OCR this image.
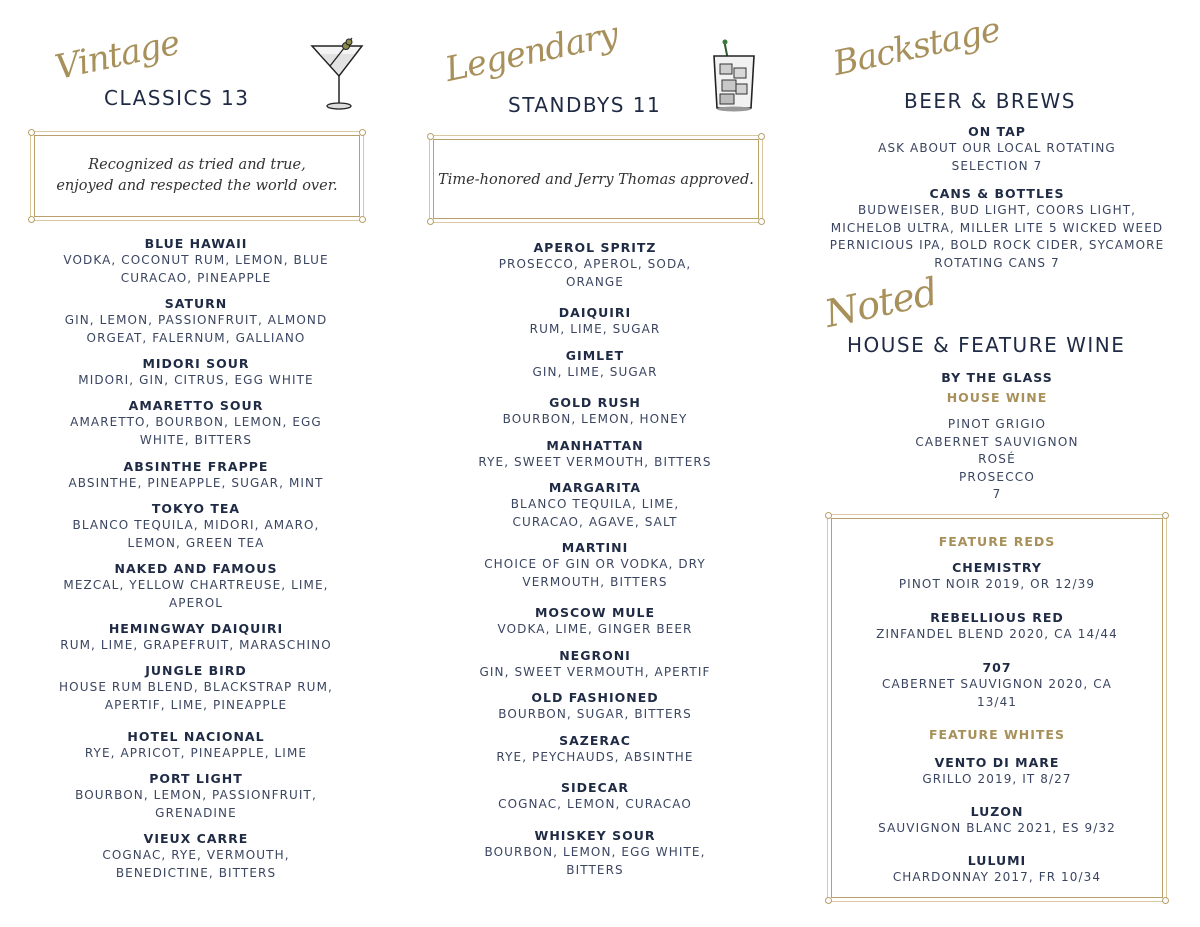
Vintage
CLASSICS 13
Recognized as tried and true,
enjoyed and respected the world over.
BLUE HAWAII
VODKA, COCONUT RUM, LEMON, BLUE CURACAO, PINEAPPLE
SATURN
GIN, LEMON, PASSIONFRUIT, ALMOND ORGEAT, FALERNUM, GALLIANO
MIDORI SOUR
MIDORI, GIN, CITRUS, EGG WHITE
AMARETTO SOUR
AMARETTO, BOURBON, LEMON, EGG WHITE, BITTERS
ABSINTHE FRAPPE
ABSINTHE, PINEAPPLE, SUGAR, MINT
TOKYO TEA
BLANCO TEQUILA, MIDORI, AMARO, LEMON, GREEN TEA
NAKED AND FAMOUS
MEZCAL, YELLOW CHARTREUSE, LIME, APEROL
HEMINGWAY DAIQUIRI
RUM, LIME, GRAPEFRUIT, MARASCHINO
JUNGLE BIRD
HOUSE RUM BLEND, BLACKSTRAP RUM, APERTIF, LIME, PINEAPPLE
HOTEL NACIONAL
RYE, APRICOT, PINEAPPLE, LIME
PORT LIGHT
BOURBON, LEMON, PASSIONFRUIT, GRENADINE
VIEUX CARRE
COGNAC, RYE, VERMOUTH, BENEDICTINE, BITTERS
Legendary
STANDBYS 11
Time-honored and Jerry Thomas approved.
APEROL SPRITZ
PROSECCO, APEROL, SODA, ORANGE
DAIQUIRI
RUM, LIME, SUGAR
GIMLET
GIN, LIME, SUGAR
GOLD RUSH
BOURBON, LEMON, HONEY
MANHATTAN
RYE, SWEET VERMOUTH, BITTERS
MARGARITA
BLANCO TEQUILA, LIME, CURACAO, AGAVE, SALT
MARTINI
CHOICE OF GIN OR VODKA, DRY VERMOUTH, BITTERS
MOSCOW MULE
VODKA, LIME, GINGER BEER
NEGRONI
GIN, SWEET VERMOUTH, APERTIF
OLD FASHIONED
BOURBON, SUGAR, BITTERS
SAZERAC
RYE, PEYCHAUDS, ABSINTHE
SIDECAR
COGNAC, LEMON, CURACAO
WHISKEY SOUR
BOURBON, LEMON, EGG WHITE, BITTERS
Backstage
BEER & BREWS
ON TAP
ASK ABOUT OUR LOCAL ROTATING SELECTION 7
CANS & BOTTLES
BUDWEISER, BUD LIGHT, COORS LIGHT, MICHELOB ULTRA, MILLER LITE 5 WICKED WEED PERNICIOUS IPA, BOLD ROCK CIDER, SYCAMORE ROTATING CANS 7
Noted
HOUSE & FEATURE WINE
BY THE GLASS
HOUSE WINE
PINOT GRIGIO
CABERNET SAUVIGNON
ROSÉ
PROSECCO
7
FEATURE REDS
CHEMISTRY
PINOT NOIR 2019, OR 12/39
REBELLIOUS RED
ZINFANDEL BLEND 2020, CA 14/44
707
CABERNET SAUVIGNON 2020, CA 13/41
FEATURE WHITES
VENTO DI MARE
GRILLO 2019, IT 8/27
LUZON
SAUVIGNON BLANC 2021, ES 9/32
LULUMI
CHARDONNAY 2017, FR 10/34
